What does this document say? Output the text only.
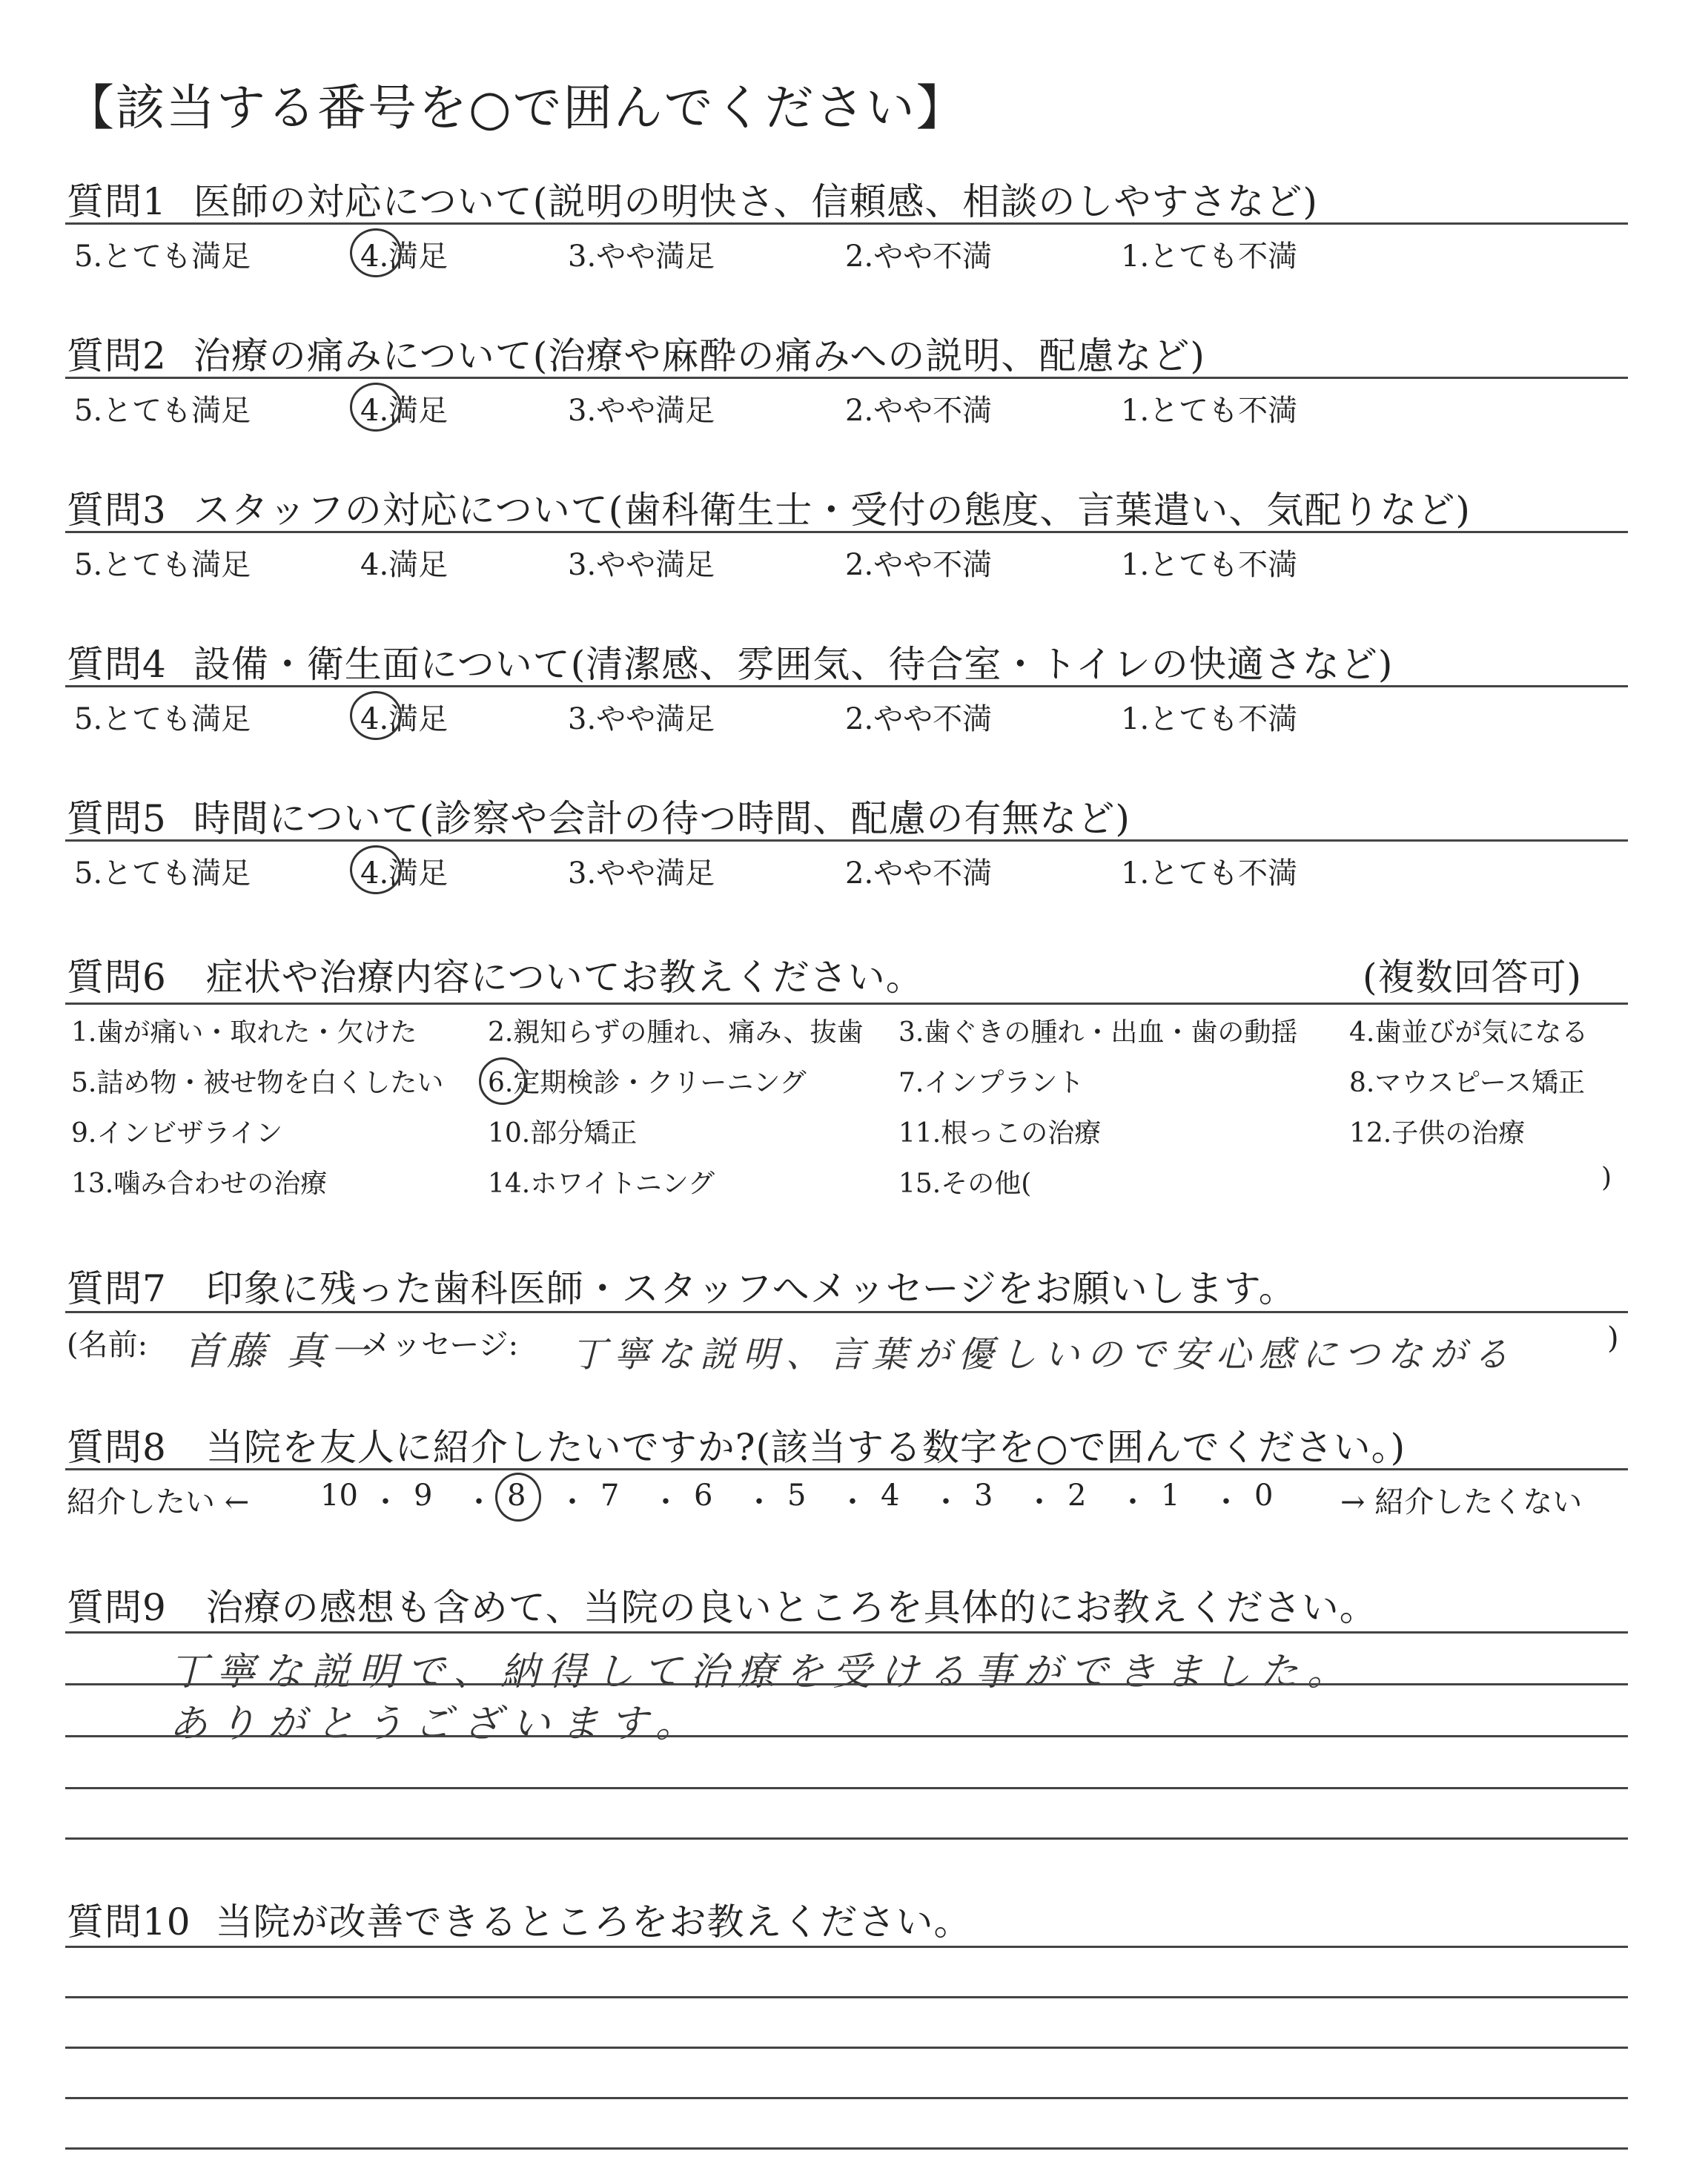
【該当する番号を○で囲んでください】
質問1 医師の対応について(説明の明快さ、信頼感、相談のしやすさなど)
5.とても満足	4.満足	3.やや満足	2.やや不満	1.とても不満
質問2 治療の痛みについて(治療や麻酔の痛みへの説明、配慮など)
5.とても満足	4.満足	3.やや満足	2.やや不満	1.とても不満
質問3 スタッフの対応について(歯科衛生士・受付の態度、言葉遣い、気配りなど)
5.とても満足	4.満足	3.やや満足	2.やや不満	1.とても不満
質問4 設備・衛生面について(清潔感、雰囲気、待合室・トイレの快適さなど)
5.とても満足	4.満足	3.やや満足	2.やや不満	1.とても不満
質問5 時間について(診察や会計の待つ時間、配慮の有無など)
5.とても満足	4.満足	3.やや満足	2.やや不満	1.とても不満
質問6 症状や治療内容についてお教えください。	(複数回答可)
1.歯が痛い・取れた・欠けた	2.親知らずの腫れ、痛み、抜歯 3.歯ぐきの腫れ・出血・歯の動揺 4.歯並びが気になる
5.詰め物・被せ物を白くしたい 6.定期検診・クリーニング	7.インプラント	8.マウスピース矯正
9.インビザライン	10.部分矯正	11.根っこの治療	12.子供の治療
13.噛み合わせの治療	14.ホワイトニング	15.その他(	)
質問7 印象に残った歯科医師・スタッフへメッセージをお願いします。
(名前: 首藤 真一
メッセージ: 丁寧な説明、言葉が優しいので安心感につながる	)
質問8 当院を友人に紹介したいですか?(該当する数字を○で囲んでください。)
紹介したい ← 10 ・ 9 ・ 8 ・ 7 ・ 6 ・ 5 ・ 4 ・ 3 ・ 2 ・ 1 ・ 0 → 紹介したくない
質問9 治療の感想も含めて、当院の良いところを具体的にお教えください。
丁寧な説明で、納得して治療を受ける事ができました。
ありがとうございます。
質問10 当院が改善できるところをお教えください。
